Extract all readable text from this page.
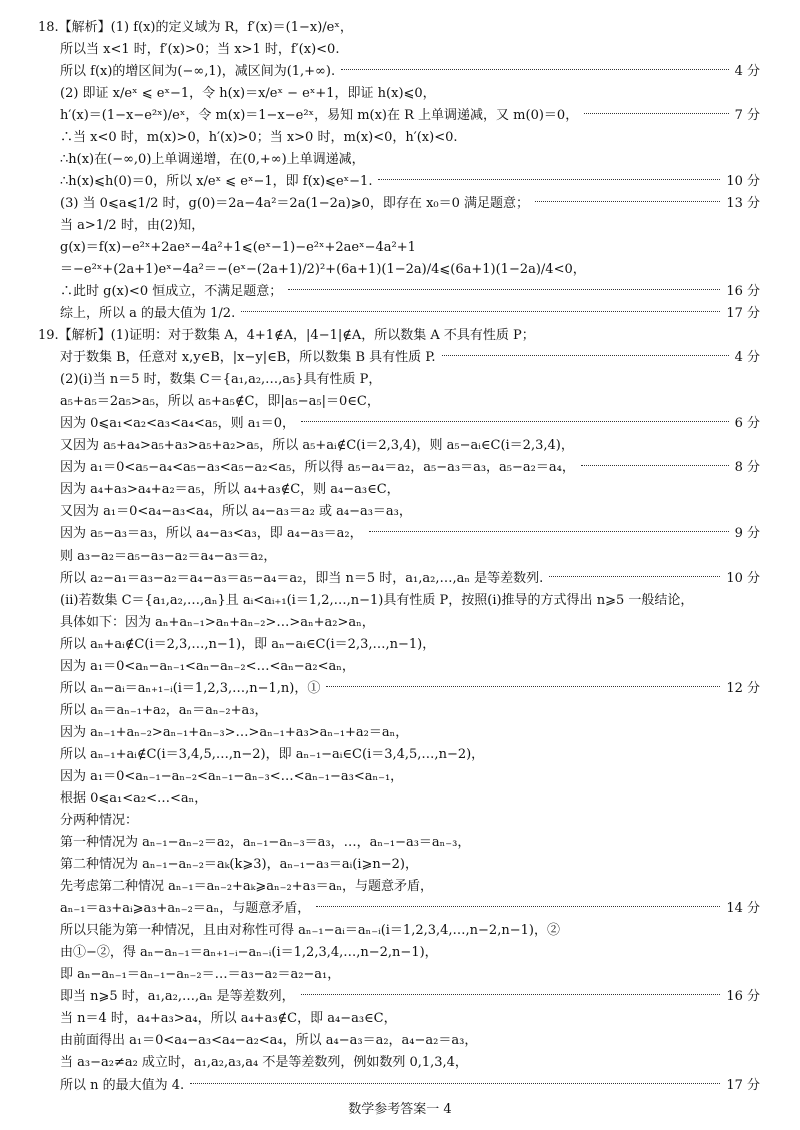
18.【解析】(1) f(x)的定义域为 R，f′(x)＝(1−x)/eˣ，
所以当 x<1 时，f′(x)>0；当 x>1 时，f′(x)<0.
所以 f(x)的增区间为(−∞,1)，减区间为(1,+∞).	4 分
(2) 即证 x/eˣ ⩽ eˣ−1，令 h(x)＝x/eˣ − eˣ+1，即证 h(x)⩽0，
h′(x)＝(1−x−e²ˣ)/eˣ，令 m(x)＝1−x−e²ˣ，易知 m(x)在 R 上单调递减，又 m(0)＝0，	7 分
∴当 x<0 时，m(x)>0，h′(x)>0；当 x>0 时，m(x)<0，h′(x)<0.
∴h(x)在(−∞,0)上单调递增，在(0,+∞)上单调递减，
∴h(x)⩽h(0)＝0，所以 x/eˣ ⩽ eˣ−1，即 f(x)⩽eˣ−1.	10 分
(3) 当 0⩽a⩽1/2 时，g(0)＝2a−4a²＝2a(1−2a)⩾0，即存在 x₀＝0 满足题意；	13 分
当 a>1/2 时，由(2)知，
g(x)＝f(x)−e²ˣ+2aeˣ−4a²+1⩽(eˣ−1)−e²ˣ+2aeˣ−4a²+1
＝−e²ˣ+(2a+1)eˣ−4a²＝−(eˣ−(2a+1)/2)²+(6a+1)(1−2a)/4⩽(6a+1)(1−2a)/4<0，
∴此时 g(x)<0 恒成立，不满足题意；	16 分
综上，所以 a 的最大值为 1/2.	17 分
19.【解析】(1)证明：对于数集 A，4+1∉A，|4−1|∉A，所以数集 A 不具有性质 P；
对于数集 B，任意对 x,y∈B，|x−y|∈B，所以数集 B 具有性质 P.	4 分
(2)(i)当 n＝5 时，数集 C＝{a₁,a₂,…,a₅}具有性质 P，
a₅+a₅＝2a₅>a₅，所以 a₅+a₅∉C，即|a₅−a₅|＝0∈C，
因为 0⩽a₁<a₂<a₃<a₄<a₅，则 a₁＝0，	6 分
又因为 a₅+a₄>a₅+a₃>a₅+a₂>a₅，所以 a₅+aᵢ∉C(i＝2,3,4)，则 a₅−aᵢ∈C(i＝2,3,4)，
因为 a₁＝0<a₅−a₄<a₅−a₃<a₅−a₂<a₅，所以得 a₅−a₄＝a₂，a₅−a₃＝a₃，a₅−a₂＝a₄，	8 分
因为 a₄+a₃>a₄+a₂＝a₅，所以 a₄+a₃∉C，则 a₄−a₃∈C，
又因为 a₁＝0<a₄−a₃<a₄，所以 a₄−a₃＝a₂ 或 a₄−a₃＝a₃，
因为 a₅−a₃＝a₃，所以 a₄−a₃<a₃，即 a₄−a₃＝a₂，	9 分
则 a₃−a₂＝a₅−a₃−a₂＝a₄−a₃＝a₂，
所以 a₂−a₁＝a₃−a₂＝a₄−a₃＝a₅−a₄＝a₂，即当 n＝5 时，a₁,a₂,…,aₙ 是等差数列.	10 分
(ii)若数集 C＝{a₁,a₂,…,aₙ}且 aᵢ<aᵢ₊₁(i＝1,2,…,n−1)具有性质 P，按照(i)推导的方式得出 n⩾5 一般结论，
具体如下：因为 aₙ+aₙ₋₁>aₙ+aₙ₋₂>…>aₙ+a₂>aₙ，
所以 aₙ+aᵢ∉C(i＝2,3,…,n−1)，即 aₙ−aᵢ∈C(i＝2,3,…,n−1)，
因为 a₁＝0<aₙ−aₙ₋₁<aₙ−aₙ₋₂<…<aₙ−a₂<aₙ，
所以 aₙ−aᵢ＝aₙ₊₁₋ᵢ(i＝1,2,3,…,n−1,n)，①	12 分
所以 aₙ＝aₙ₋₁+a₂，aₙ＝aₙ₋₂+a₃，
因为 aₙ₋₁+aₙ₋₂>aₙ₋₁+aₙ₋₃>…>aₙ₋₁+a₃>aₙ₋₁+a₂＝aₙ，
所以 aₙ₋₁+aᵢ∉C(i＝3,4,5,…,n−2)，即 aₙ₋₁−aᵢ∈C(i＝3,4,5,…,n−2)，
因为 a₁＝0<aₙ₋₁−aₙ₋₂<aₙ₋₁−aₙ₋₃<…<aₙ₋₁−a₃<aₙ₋₁，
根据 0⩽a₁<a₂<…<aₙ，
分两种情况：
第一种情况为 aₙ₋₁−aₙ₋₂＝a₂，aₙ₋₁−aₙ₋₃＝a₃，…，aₙ₋₁−a₃＝aₙ₋₃，
第二种情况为 aₙ₋₁−aₙ₋₂＝aₖ(k⩾3)，aₙ₋₁−a₃＝aᵢ(i⩾n−2)，
先考虑第二种情况 aₙ₋₁＝aₙ₋₂+aₖ⩾aₙ₋₂+a₃＝aₙ，与题意矛盾，
aₙ₋₁＝a₃+aᵢ⩾a₃+aₙ₋₂＝aₙ，与题意矛盾，	14 分
所以只能为第一种情况，且由对称性可得 aₙ₋₁−aᵢ＝aₙ₋ᵢ(i＝1,2,3,4,…,n−2,n−1)，②
由①−②，得 aₙ−aₙ₋₁＝aₙ₊₁₋ᵢ−aₙ₋ᵢ(i＝1,2,3,4,…,n−2,n−1)，
即 aₙ−aₙ₋₁＝aₙ₋₁−aₙ₋₂＝…＝a₃−a₂＝a₂−a₁，
即当 n⩾5 时，a₁,a₂,…,aₙ 是等差数列，	16 分
当 n＝4 时，a₄+a₃>a₄，所以 a₄+a₃∉C，即 a₄−a₃∈C，
由前面得出 a₁＝0<a₄−a₃<a₄−a₂<a₄，所以 a₄−a₃＝a₂，a₄−a₂＝a₃，
当 a₃−a₂≠a₂ 成立时，a₁,a₂,a₃,a₄ 不是等差数列，例如数列 0,1,3,4，
所以 n 的最大值为 4.	17 分
数学参考答案一 4
